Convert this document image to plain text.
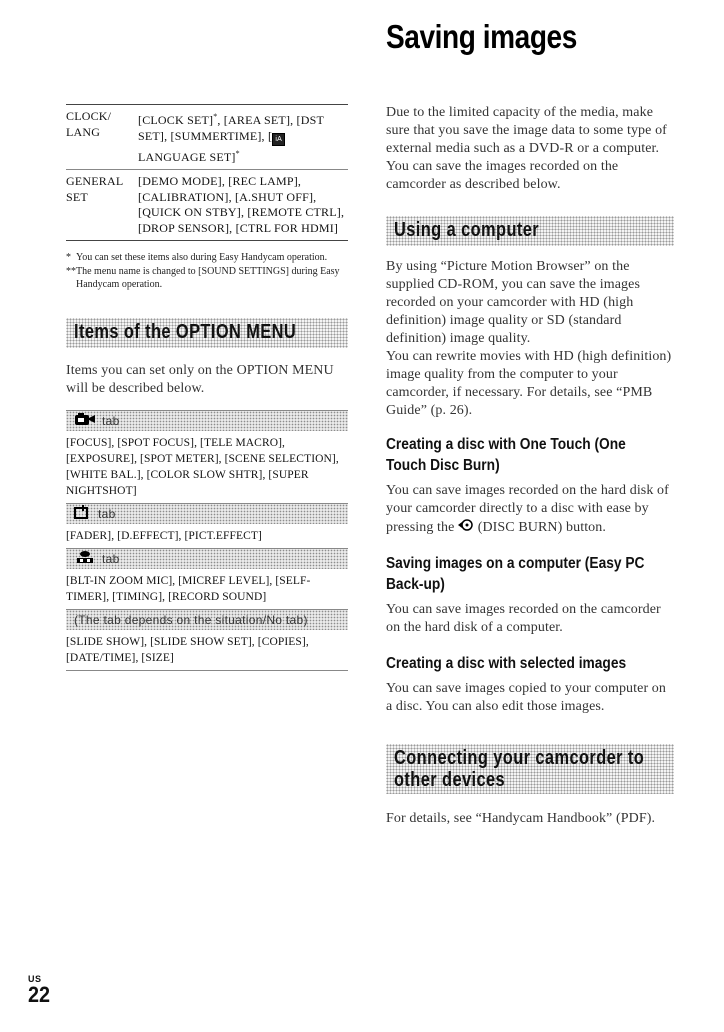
Saving images
CLOCK/
LANG
[CLOCK SET]*, [AREA SET], [DST SET], [SUMMERTIME], [ iA LANGUAGE SET]*
GENERAL
SET
[DEMO MODE], [REC LAMP], [CALIBRATION], [A.SHUT OFF], [QUICK ON STBY], [REMOTE CTRL], [DROP SENSOR], [CTRL FOR HDMI]
* You can set these items also during Easy Handycam operation.
** The menu name is changed to [SOUND SETTINGS] during Easy Handycam operation.
Items of the OPTION MENU
Items you can set only on the OPTION MENU will be described below.
tab
[FOCUS], [SPOT FOCUS], [TELE MACRO], [EXPOSURE], [SPOT METER], [SCENE SELECTION], [WHITE BAL.], [COLOR SLOW SHTR], [SUPER NIGHTSHOT]
tab
[FADER], [D.EFFECT], [PICT.EFFECT]
tab
[BLT-IN ZOOM MIC], [MICREF LEVEL], [SELF-TIMER], [TIMING], [RECORD SOUND]
(The tab depends on the situation/No tab)
[SLIDE SHOW], [SLIDE SHOW SET], [COPIES], [DATE/TIME], [SIZE]
Due to the limited capacity of the media, make sure that you save the image data to some type of external media such as a DVD-R or a computer.
You can save the images recorded on the camcorder as described below.
Using a computer
By using “Picture Motion Browser” on the supplied CD-ROM, you can save the images recorded on your camcorder with HD (high definition) image quality or SD (standard definition) image quality.
You can rewrite movies with HD (high definition) image quality from the computer to your camcorder, if necessary. For details, see “PMB Guide” (p. 26).
Creating a disc with One Touch (One Touch Disc Burn)
You can save images recorded on the hard disk of your camcorder directly to a disc with ease by pressing the (DISC BURN) button.
Saving images on a computer (Easy PC Back-up)
You can save images recorded on the camcorder on the hard disk of a computer.
Creating a disc with selected images
You can save images copied to your computer on a disc. You can also edit those images.
Connecting your camcorder to other devices
For details, see “Handycam Handbook” (PDF).
US
22
